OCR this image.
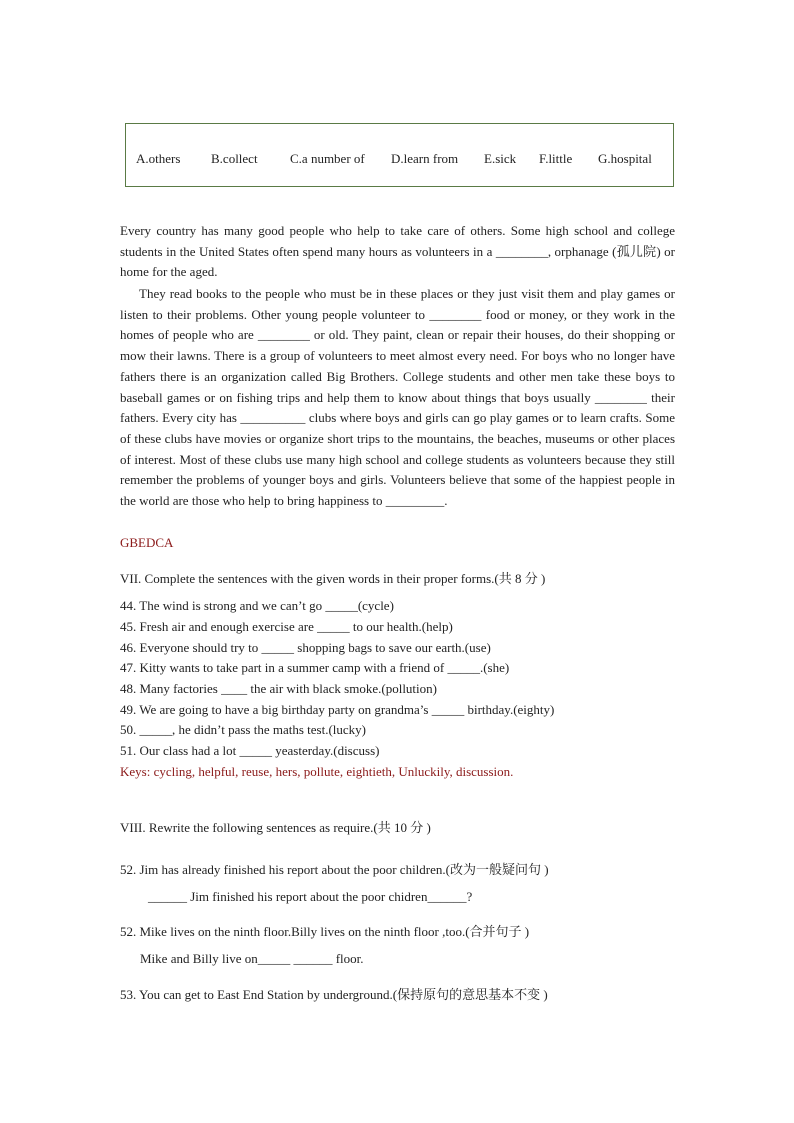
A.others B.collect C.a number of D.learn from E.sick F.little G.hospital
Every country has many good people who help to take care of others. Some high school and college students in the United States often spend many hours as volunteers in a ________, orphanage (孤儿院) or home for the aged.
They read books to the people who must be in these places or they just visit them and play games or listen to their problems. Other young people volunteer to ________ food or money, or they work in the homes of people who are ________ or old. They paint, clean or repair their houses, do their shopping or mow their lawns. There is a group of volunteers to meet almost every need. For boys who no longer have fathers there is an organization called Big Brothers. College students and other men take these boys to baseball games or on fishing trips and help them to know about things that boys usually ________ their fathers. Every city has __________ clubs where boys and girls can go play games or to learn crafts. Some of these clubs have movies or organize short trips to the mountains, the beaches, museums or other places of interest. Most of these clubs use many high school and college students as volunteers because they still remember the problems of younger boys and girls. Volunteers believe that some of the happiest people in the world are those who help to bring happiness to _________.
GBEDCA
VII. Complete the sentences with the given words in their proper forms.(共 8 分 )
44. The wind is strong and we can’t go _____(cycle)
45. Fresh air and enough exercise are _____ to our health.(help)
46. Everyone should try to _____ shopping bags to save our earth.(use)
47. Kitty wants to take part in a summer camp with a friend of _____.(she)
48. Many factories ____ the air with black smoke.(pollution)
49. We are going to have a big birthday party on grandma’s _____ birthday.(eighty)
50. _____, he didn’t pass the maths test.(lucky)
51. Our class had a lot _____ yeasterday.(discuss)
Keys: cycling, helpful, reuse, hers, pollute, eightieth, Unluckily, discussion.
VIII. Rewrite the following sentences as require.(共 10 分 )
52. Jim has already finished his report about the poor children.(改为一般疑问句 )
______ Jim finished his report about the poor chidren______?
52. Mike lives on the ninth floor.Billy lives on the ninth floor ,too.(合并句子 )
Mike and Billy live on_____ ______ floor.
53. You can get to East End Station by underground.(保持原句的意思基本不变 )
